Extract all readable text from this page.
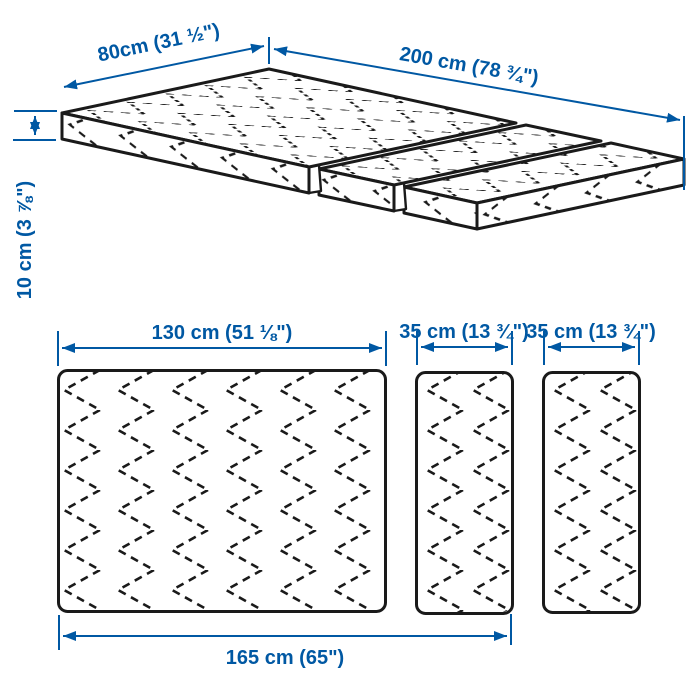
80cm (31 ½")	200 cm (78 ¾")
10 cm (3 ⅞")
130 cm (51 ⅛")	35 cm (13 ¾")
35 cm (13 ¾")
165 cm (65")
